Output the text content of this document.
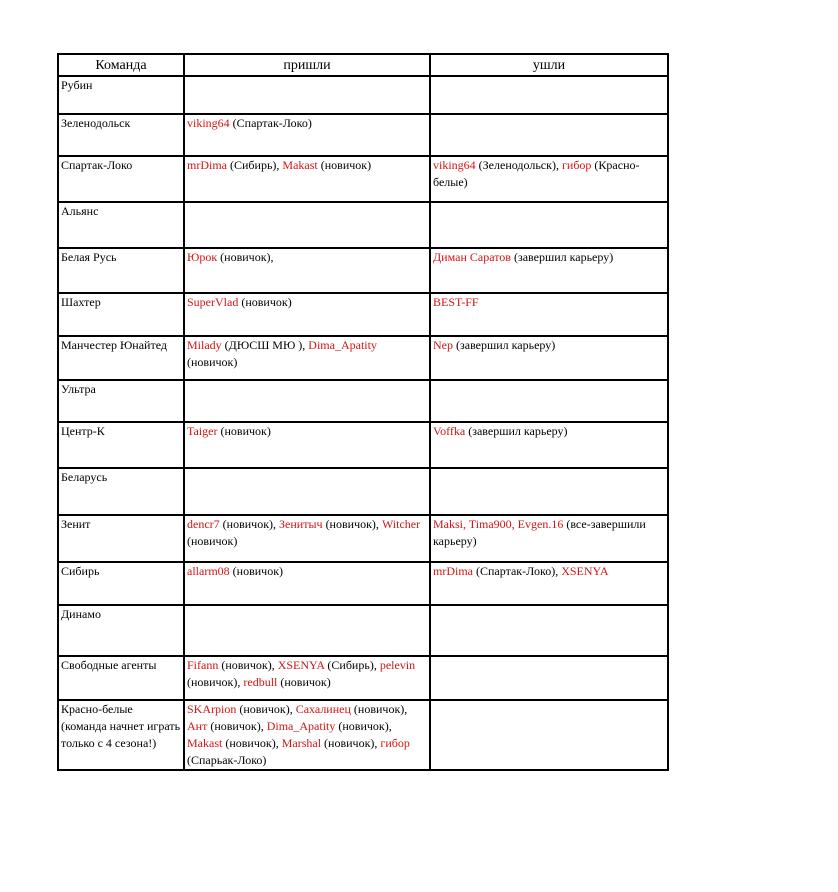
Команда	пришли	ушли
Рубин		
Зеленодольск	viking64 (Спартак-Локо)	
Спартак-Локо	mrDima (Сибирь), Makast (новичок)	viking64 (Зеленодольск), гибор (Красно-белые)
Альянс		
Белая Русь	Юрок (новичок),	Диман Саратов (завершил карьеру)
Шахтер	SuperVlad (новичок)	BEST-FF
Манчестер Юнайтед	Milady (ДЮСШ МЮ ), Dima_Apatity (новичок)	Nep (завершил карьеру)
Ультра		
Центр-К	Taiger (новичок)	Voffka (завершил карьеру)
Беларусь		
Зенит	dencr7 (новичок), Зенитыч (новичок), Witcher (новичок)	Maksi, Tima900, Evgen.16 (все-завершили карьеру)
Сибирь	allarm08 (новичок)	mrDima (Спартак-Локо), XSENYA
Динамо		
Свободные агенты	Fifann (новичок), XSENYA (Сибирь), pelevin (новичок), redbull (новичок)	
Красно-белые (команда начнет играть только с 4 сезона!)	SKArpion (новичок), Сахалинец (новичок), Ант (новичок), Dima_Apatity (новичок), Makast (новичок), Marshal (новичок), гибор (Спарьак-Локо)	
